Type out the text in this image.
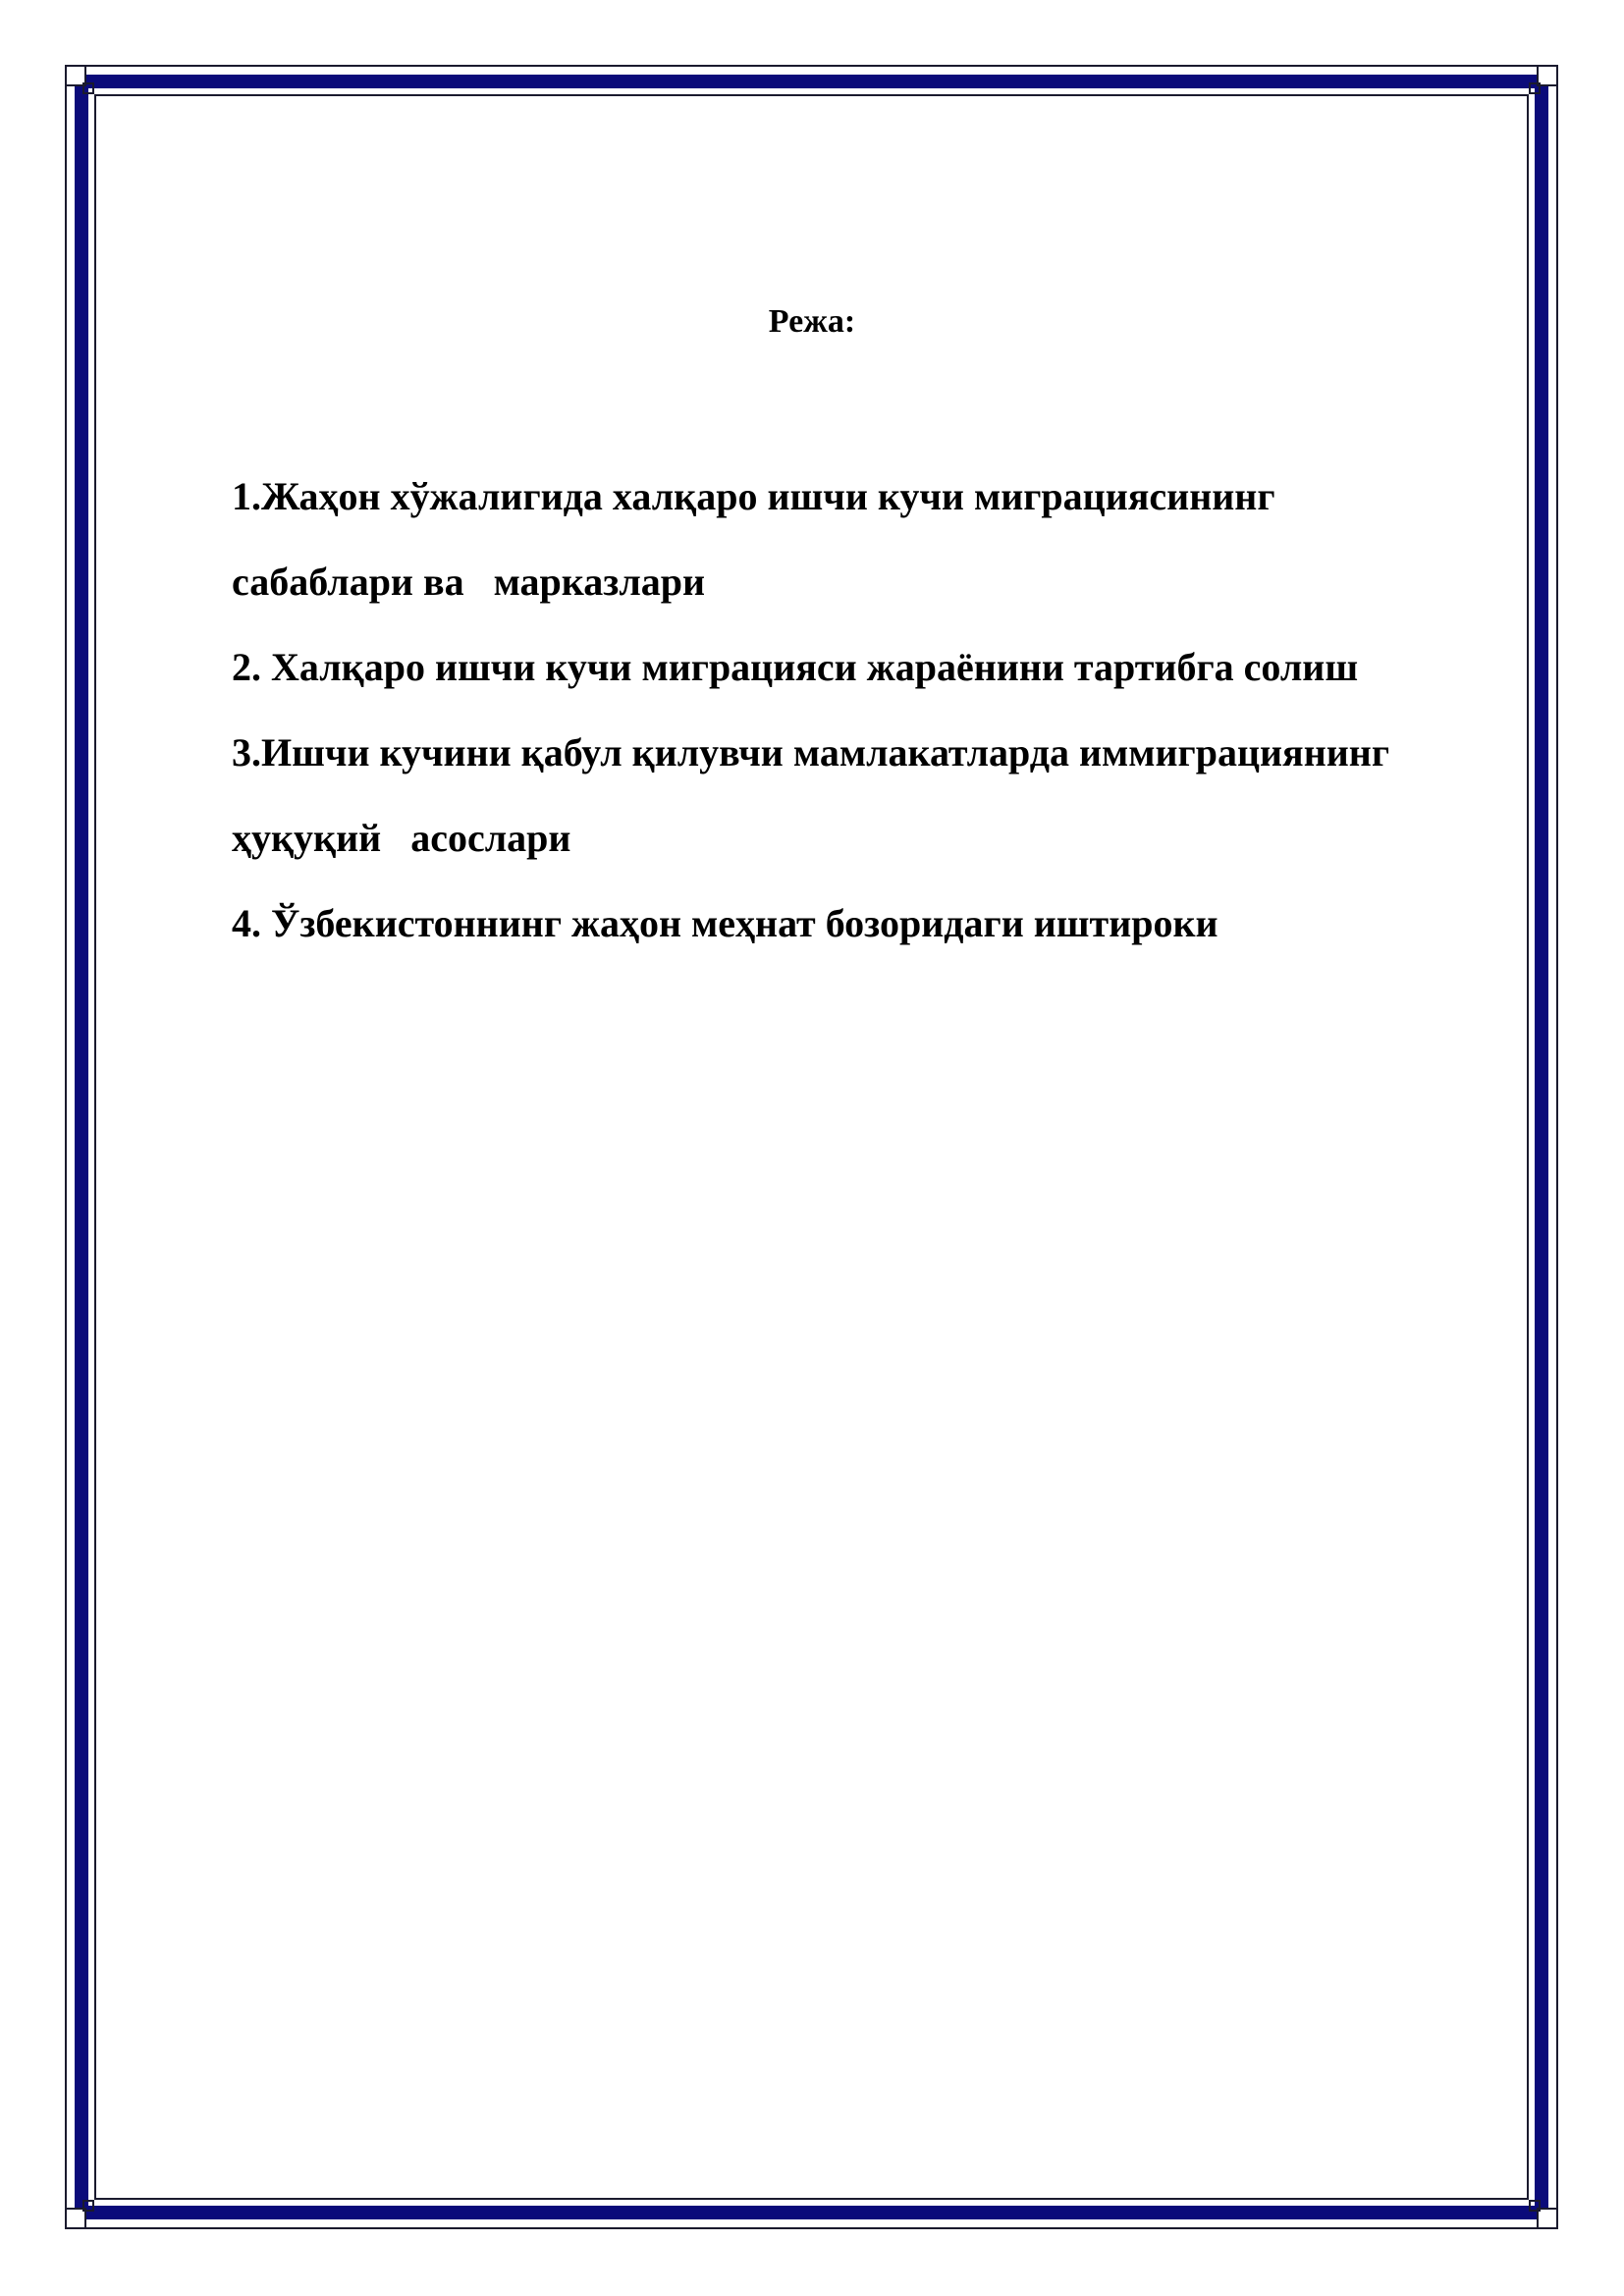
Режа:
1.Жаҳон хўжалигида халқаро ишчи кучи миграциясининг
сабаблари ва   марказлари
2. Халқаро ишчи кучи миграцияси жараёнини тартибга солиш
3.Ишчи кучини қабул қилувчи мамлакатларда иммиграциянинг
ҳуқуқий   асослари
4. Ўзбекистоннинг жаҳон меҳнат бозоридаги иштироки
